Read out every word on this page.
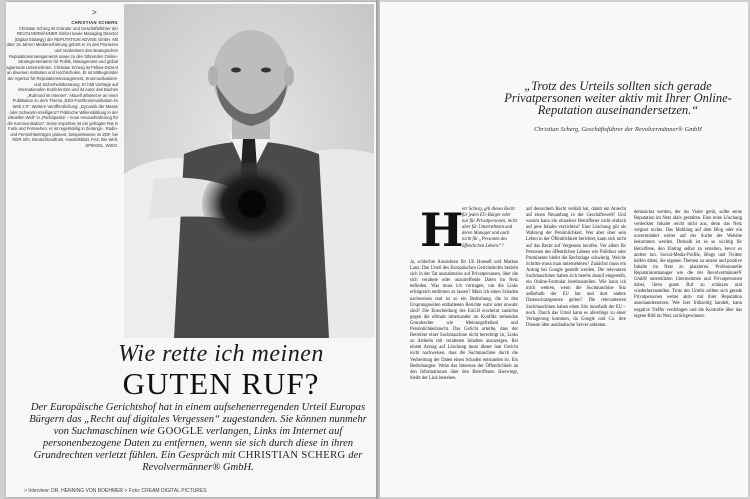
>
CHRISTIAN SCHERG
Christian Scherg ist Gründer und Geschäftsführer der REVOLVERMÄNNER GmbH sowie Managing Director (Digital Strategy) der REPUTATION ADVISE GmbH. Mit über 15 Jahren Medienerfahrung gehört er zu den Pionieren und Vordenkern des strategischen Reputationsmanagements sowie zu den führenden Online-Strategie-Beratern für Politik, Management und global agierende Unternehmen. Christian Scherg ist Fellow-Dozent an diversen Instituten und Hochschulen. Er ist Mitbegründer der Agentur für Reputationsmanagement, Kommunikations- und Sicherheitsberatung. Er hält Vorträge auf internationalen Konferenzen und ist Autor des Buches „Rufmord im Internet“. Aktuell arbeitet er an einer Publikation zu dem Thema „ESG-Fachkommunikation im Web 2.0“. Weitere Veröffentlichung: „Dynamik der Masse oder Schwarm-Intelligenz? Politische Willensbildung in der virtuellen Welt“ in „Partizipation – neue Herausforderung für die Kommunikation“. Seine Expertise ist ein gefragter Rat in Funk und Fernsehen, er ist regelmäßig in Zeitungs-, Radio- und Fernsehbeiträgen präsent, beispielsweise im ZDF, bei NDR Info, Deutschlandfunk, Handelsblatt, FAZ, Die Welt, SPIEGEL, WISO.
Wie rette ich meinen
GUTEN RUF?
Der Europäische Gerichtshof hat in einem aufsehenerregenden Urteil Europas Bürgern das „Recht auf digitales Vergessen“ zugestanden. Sie können nunmehr von Suchmaschinen wie GOOGLE verlangen, Links im Internet auf personenbezogene Daten zu entfernen, wenn sie sich durch diese in ihren Grundrechten verletzt fühlen. Ein Gespräch mit CHRISTIAN SCHERG der Revolvermänner® GmbH.
> Interview: DR. HENNING VON BOEHMER > Foto: CREAM DIGITAL PICTURES
„Trotz des Urteils sollten sich gerade Privatpersonen weiter aktiv mit Ihrer Online-Reputation auseinandersetzen.“
Christian Scherg, Geschäftsführer der Revolvermänner® GmbH
H
err Scherg, gilt dieses Recht für jeden EU-Bürger oder nur für Privatpersonen, nicht aber für Unternehmen und deren Manager und auch nicht für „Personen des öffentlichen Lebens“?

Ja, schlechte Aussichten für Uli Hoeneß und Markus Lanz: Das Urteil des Europäischen Gerichtshofes bezieht sich in der Tat ausnahmslos auf Privatpersonen, über die sich veraltete oder unzutreffende Daten im Netz befinden. Was muss ich vortragen, um die Links erfolgreich entfernen zu lassen? Muss ich einen Schaden nachweisen und ist so ein Bedrohung, die in den Ursprungsseiten enthaltenen Berichte wahr oder unwahr sind? Die Entscheidung des EuGH erscheint zunächst gegen die oftmals miteinander im Konflikt stehenden Grundrechte wie Meinungsfreiheit und Persönlichkeitsrecht. Das Gericht urteilte, dass der Betreiber einer Suchmaschine nicht berechtigt ist, Links zu Artikeln mit veralteten Inhalten anzuzeigen. Bei einem Antrag auf Löschung muss dieser laut Gericht nicht nachweisen, dass die Suchmaschine durch die Verbreitung der Daten einen Schaden entstanden ist. Ein Bedrohungen: Wenn das Interesse der Öffentlichkeit an den Informationen über den Betroffenen überwiegt, bleibt der Link bestehen.

auf deutschem Recht verhält hat, damit ein Anrecht auf einen Neuanfang in der Geschäftswelt? Und warum kann ein einzelner Betroffener nicht einfach auf jene Inhalte verzichten? Eine Löschung gilt als Wahrung der Persönlichkeit. Wer aber über sein Leben in der Öffentlichkeit berichtet, kann sich nicht auf das Recht auf Vergessen berufen. Vor allem für Personen des öffentlichen Lebens wie Politiker oder Prominente bleibt die Rechtslage schwierig. Welche Schritte muss man unternehmen? Zunächst muss ein Antrag bei Google gestellt werden. Die relevanten Suchmaschinen haben sich bereits darauf eingestellt, ein Online-Formular bereitzustellen. Wie kann ich mich wehren, wenn die Suchmaschine Sitz außerhalb der EU hat und dort andere Datenschutzgesetze gelten? Die relevantesten Suchmaschinen haben einen Sitz innerhalb der EU – noch. Durch das Urteil kann es allerdings zu einer Verlagerung kommen, da Google und Co. ihre Dienste über ausländische Server anbieten.

demnächst werden, der ins Visier gerät, sollte seine Reputation im Netz aktiv gestalten. Eine reine Löschung verdeckter Inhalte reicht nicht aus, denn das Netz vergisst nichts. Das Mobbing auf dem Blog oder ein unvermindert weiter auf der Suche der Website bekommen werden. Deshalb ist es so wichtig für Betroffene, den Eintrag selbst zu erstellen, bevor es andere tun. Social-Media-Profile, Blogs und Twitter helfen dabei, die eigenen Themen zu setzen und positive Inhalte im Netz zu platzieren. Professionelle Reputationsmanager wie die der Revolvermänner® GmbH unterstützen Unternehmen und Privatpersonen dabei, ihren guten Ruf zu schützen und wiederherzustellen. Trotz des Urteils sollten sich gerade Privatpersonen weiter aktiv mit ihrer Reputation auseinandersetzen. Wer hier frühzeitig handelt, kann negative Treffer verdrängen und die Kontrolle über das eigene Bild im Netz zurückgewinnen.
